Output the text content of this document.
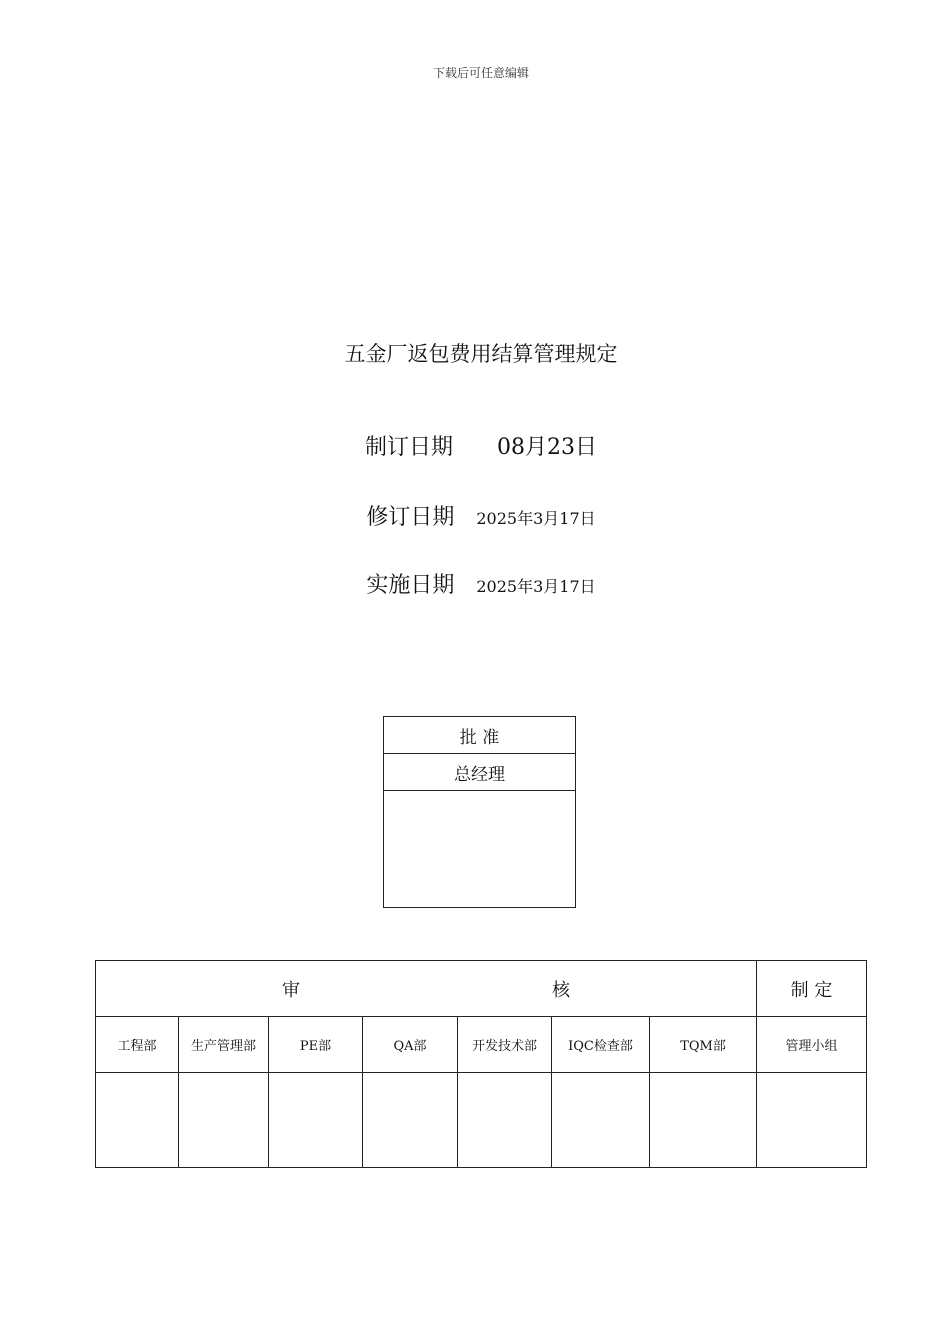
下载后可任意编辑
五金厂返包费用结算管理规定
制订日期 08月23日
修订日期 2025年3月17日
实施日期 2025年3月17日
批 准
总经理
审 核							制 定
工程部	生产管理部	PE部	QA部	开发技术部	IQC检查部	TQM部	管理小组
